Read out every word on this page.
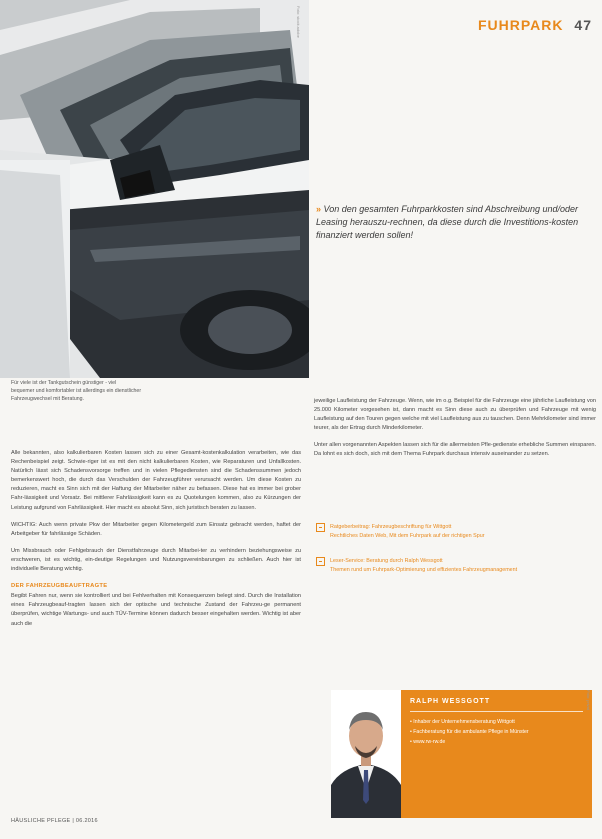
Foto: stock.adobe	FUHRPARK 47
» Von den gesamten Fuhrparkkosten sind Abschreibung und/oder Leasing herauszu-rechnen, da diese durch die Investitions-kosten finanziert werden sollen!
Für viele ist der Tankgutschein günstiger - viel
bequemer und komfortabler ist allerdings ein dienstlicher
Fahrzeugwechsel mit Beratung.

Alle bekannten, also kalkulierbaren Kosten lassen sich zu einer Gesamt-kostenkalkulation verarbeiten, wie das Rechenbeispiel zeigt. Schwie-riger ist es mit den nicht kalkulierbaren Kosten, wie Reparaturen und Unfallkosten. Natürlich lässt sich Schadensvorsorge treffen und in vielen Pflegediensten sind die Schadenssummen jedoch bemerkenswert hoch, die durch das Verschulden der Fahrzeugführer verursacht werden. Um diese Kosten zu reduzieren, macht es Sinn sich mit der Haftung der Mitarbeiter näher zu befassen. Diese hat es immer bei grober Fahr-lässigkeit und Vorsatz. Bei mittlerer Fahrlässigkeit kann es zu Quotelungen kommen, also zu Kürzungen der Leistung aufgrund von Fahrlässigkeit. Hier macht es absolut Sinn, sich juristisch beraten zu lassen.

WICHTIG: Auch wenn private Pkw der Mitarbeiter gegen Kilometergeld zum Einsatz gebracht werden, haftet der Arbeitgeber für fahrlässige Schäden.

Um Missbrauch oder Fehlgebrauch der Dienstfahrzeuge durch Mitarbei-ter zu verhindern beziehungsweise zu erschweren, ist es wichtig, ein-deutige Regelungen und Nutzungsvereinbarungen zu schließen. Auch hier ist individuelle Beratung wichtig.

DER FAHRZEUGBEAUFTRAGTE

Begibt Fahren nur, wenn sie kontrolliert und bei Fehlverhalten mit Konsequenzen belegt sind. Durch die Installation eines Fahrzeugbeauf-tragten lassen sich der optische und technische Zustand der Fahrzeu-ge permanent überprüfen, wichtige Wartungs- und auch TÜV-Termine können dadurch besser eingehalten werden. Wichtig ist aber auch die

jeweilige Laufleistung der Fahrzeuge. Wenn, wie im o.g. Beispiel für die Fahrzeuge eine jährliche Laufleistung von 25.000 Kilometer vorgesehen ist, dann macht es Sinn diese auch zu überprüfen und Fahrzeuge mit wenig Laufleistung auf den Touren gegen welche mit viel Laufleistung aus zu tauschen. Denn Mehrkilometer sind immer teurer, als der Ertrag durch Minderkilometer.

Unter allen vorgenannten Aspekten lassen sich für die allermeisten Pfle-gedienste erhebliche Summen einsparen. Da lohnt es sich doch, sich mit dem Thema Fuhrpark durchaus intensiv auseinander zu setzen.

Ratgeberbeitrag: Fahrzeugbeschriftung für Wittgott
Rechtliches Daten Web, Mit dem Fuhrpark auf der richtigen Spur
Leser-Service: Beratung durch Ralph Wessgott
Themen rund um Fuhrpark-Optimierung und effizientes Fahrzeugmanagement
RALPH WESSGOTT
• Inhaber der Unternehmensberatung Wittgott
• Fachberatung für die ambulante Pflege in Münster
• www.rw-rw.de
Foto: privat
HÄUSLICHE PFLEGE | 06.2016
